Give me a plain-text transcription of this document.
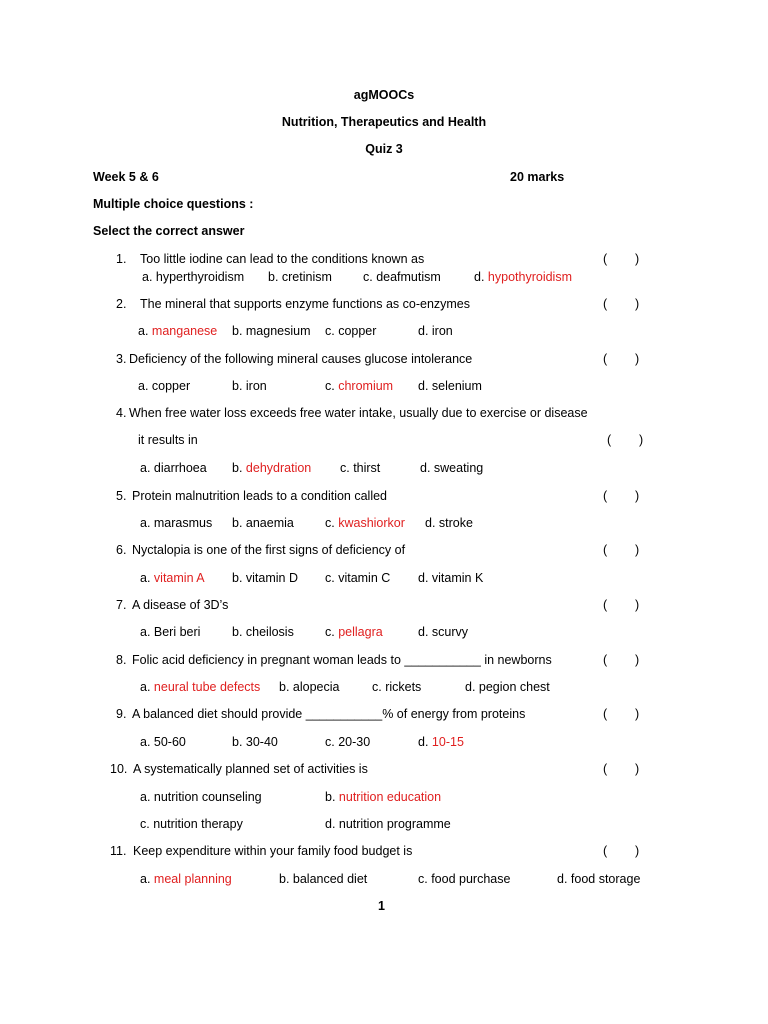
agMOOCs
Nutrition, Therapeutics and Health
Quiz 3
Week 5 & 6	20 marks
Multiple choice questions :
Select the correct answer
1. Too little iodine can lead to the conditions known as	(        )
a. hyperthyroidism b. cretinism c. deafmutism	d. hypothyroidism
2. The mineral that supports enzyme functions as co-enzymes	(        )
a. manganese b. magnesium c. copper	d. iron
3. Deficiency of the following mineral causes glucose intolerance	(        )
a. copper	b. iron	c. chromium d. selenium
4. When free water loss exceeds free water intake, usually due to exercise or disease
it results in	(        )
a. diarrhoea b. dehydration c. thirst	d. sweating
5. Protein malnutrition leads to a condition called	(        )
a. marasmus b. anaemia c. kwashiorkor d. stroke
6. Nyctalopia is one of the first signs of deficiency of	(        )
a. vitamin A b. vitamin D c. vitamin C d. vitamin K
7. A disease of 3D’s	(        )
a. Beri beri	b. cheilosis c. pellagra	d. scurvy
8. Folic acid deficiency in pregnant woman leads to ___________ in newborns	(        )
a. neural tube defects b. alopecia	c. rickets	d. pegion chest
9. A balanced diet should provide ___________% of energy from proteins	(        )
a. 50-60	b. 30-40	c. 20-30	d. 10-15
10. A systematically planned set of activities is	(        )
a. nutrition counseling	b. nutrition education
c. nutrition therapy	d. nutrition programme
11. Keep expenditure within your family food budget is	(        )
a. meal planning	b. balanced diet	c. food purchase	d. food storage
1
